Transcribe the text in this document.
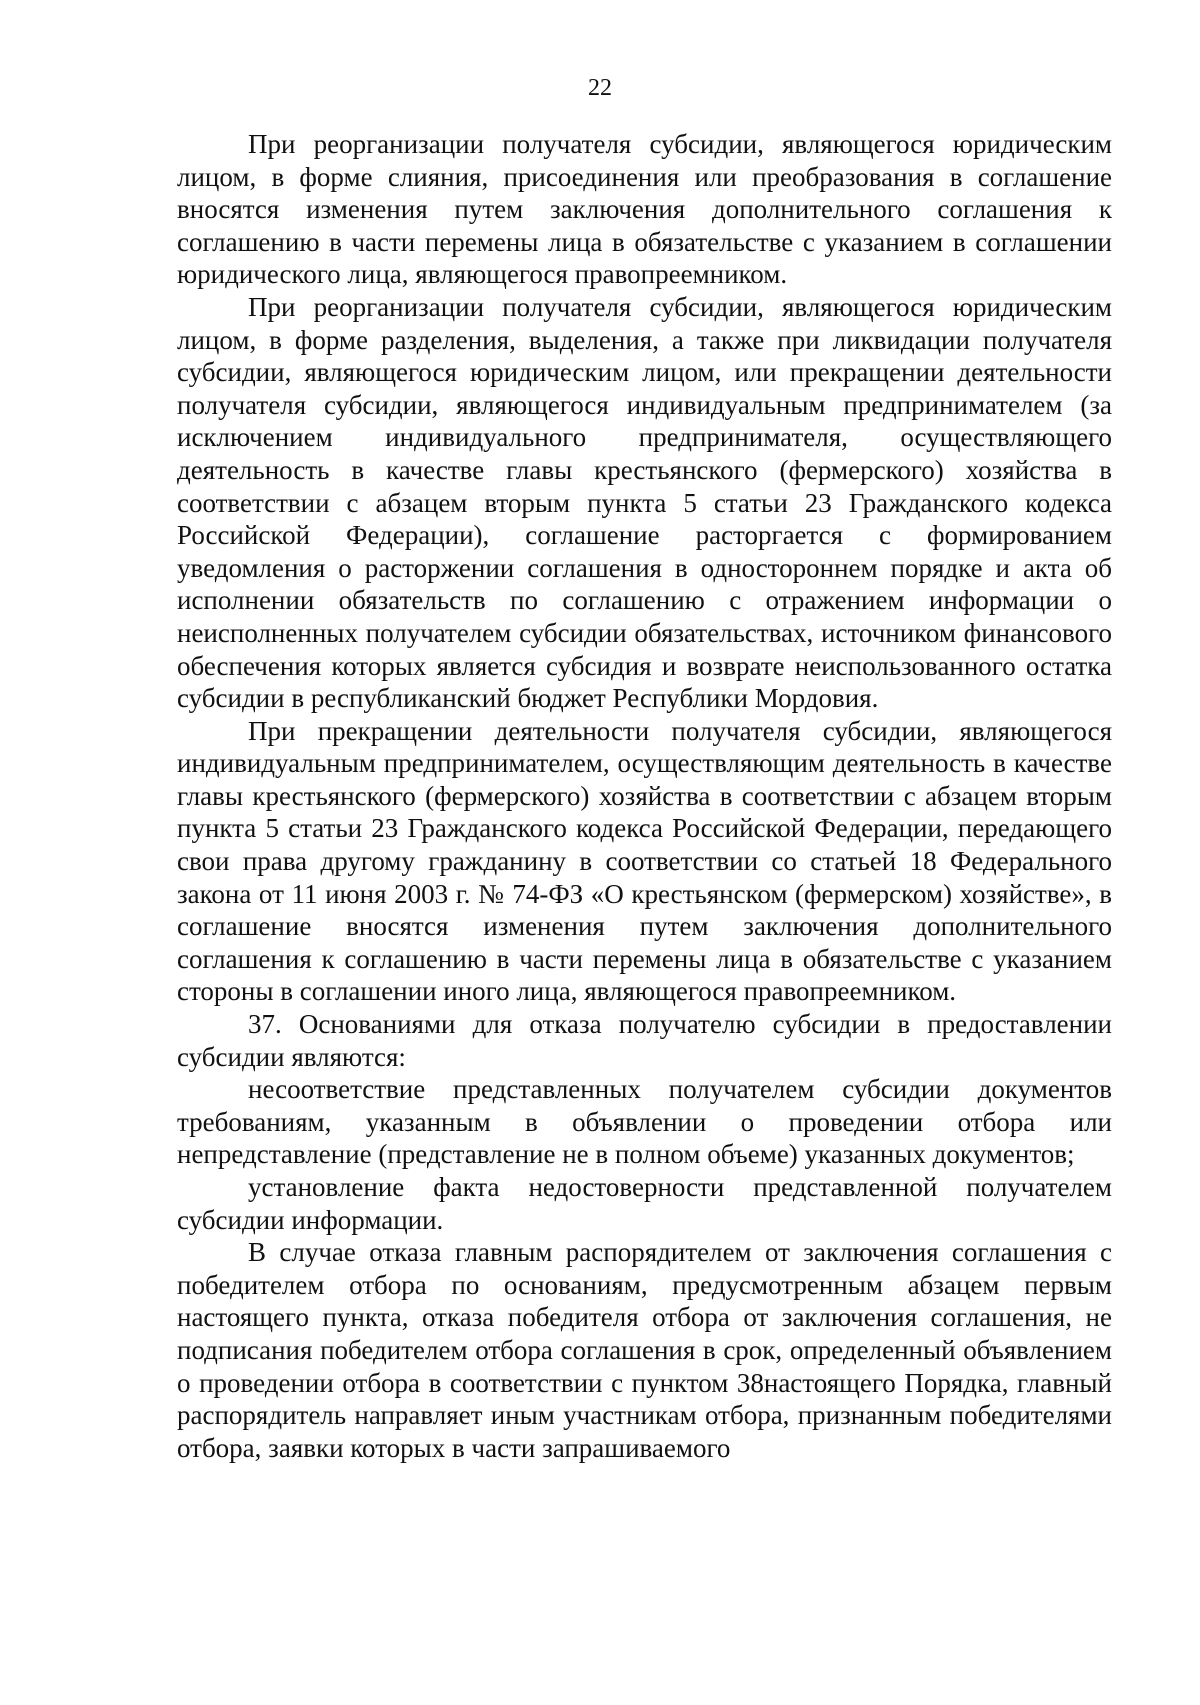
22

При реорганизации получателя субсидии, являющегося юридическим лицом, в форме слияния, присоединения или преобразования в соглашение вносятся изменения путем заключения дополнительного соглашения к соглашению в части перемены лица в обязательстве с указанием в соглашении юридического лица, являющегося правопреемником.

При реорганизации получателя субсидии, являющегося юридическим лицом, в форме разделения, выделения, а также при ликвидации получателя субсидии, являющегося юридическим лицом, или прекращении деятельности получателя субсидии, являющегося индивидуальным предпринимателем (за исключением индивидуального предпринимателя, осуществляющего деятельность в качестве главы крестьянского (фермерского) хозяйства в соответствии с абзацем вторым пункта 5 статьи 23 Гражданского кодекса Российской Федерации), соглашение расторгается с формированием уведомления о расторжении соглашения в одностороннем порядке и акта об исполнении обязательств по соглашению с отражением информации о неисполненных получателем субсидии обязательствах, источником финансового обеспечения которых является субсидия и возврате неиспользованного остатка субсидии в республиканский бюджет Республики Мордовия.

При прекращении деятельности получателя субсидии, являющегося индивидуальным предпринимателем, осуществляющим деятельность в качестве главы крестьянского (фермерского) хозяйства в соответствии с абзацем вторым пункта 5 статьи 23 Гражданского кодекса Российской Федерации, передающего свои права другому гражданину в соответствии со статьей 18 Федерального закона от 11 июня 2003 г. № 74-ФЗ «О крестьянском (фермерском) хозяйстве», в соглашение вносятся изменения путем заключения дополнительного соглашения к соглашению в части перемены лица в обязательстве с указанием стороны в соглашении иного лица, являющегося правопреемником.

37. Основаниями для отказа получателю субсидии в предоставлении субсидии являются:

несоответствие представленных получателем субсидии документов требованиям, указанным в объявлении о проведении отбора или непредставление (представление не в полном объеме) указанных документов;

установление факта недостоверности представленной получателем субсидии информации.

В случае отказа главным распорядителем от заключения соглашения с победителем отбора по основаниям, предусмотренным абзацем первым настоящего пункта, отказа победителя отбора от заключения соглашения, не подписания победителем отбора соглашения в срок, определенный объявлением о проведении отбора в соответствии с пунктом 38настоящего Порядка, главный распорядитель направляет иным участникам отбора, признанным победителями отбора, заявки которых в части запрашиваемого
